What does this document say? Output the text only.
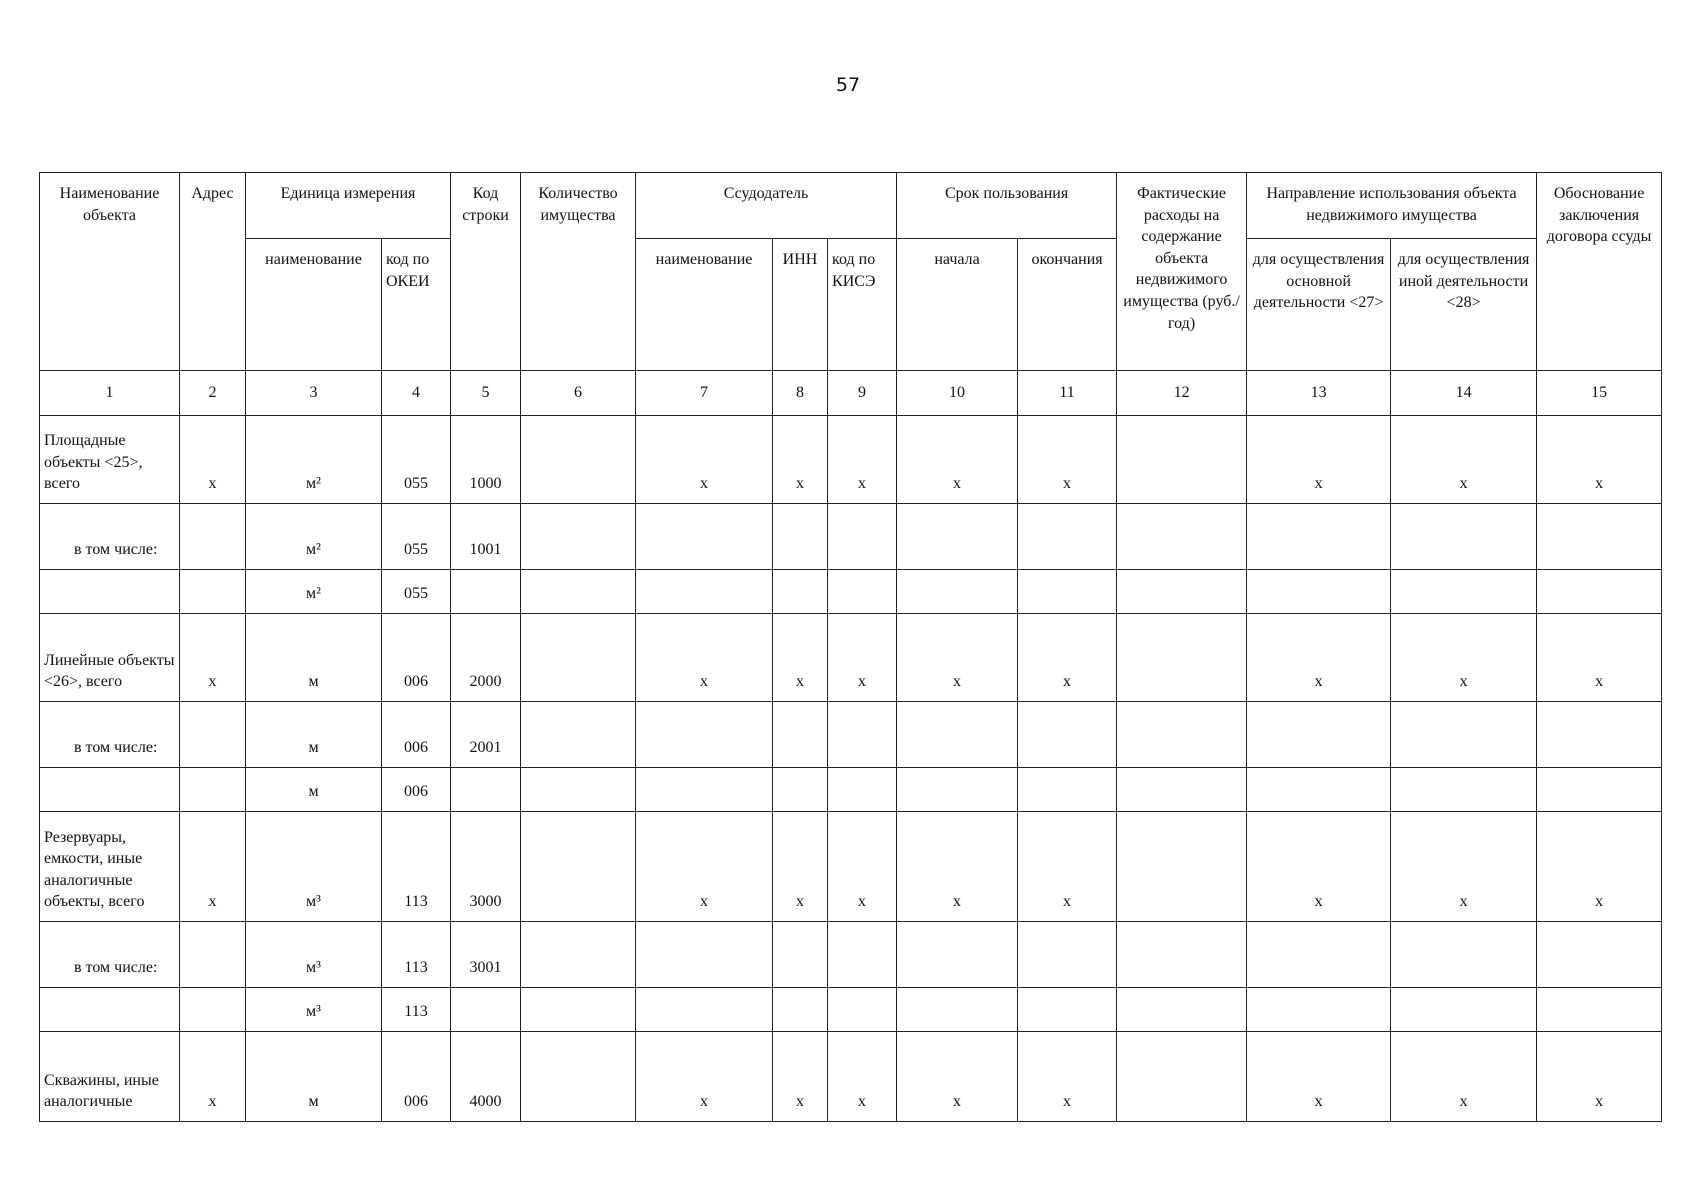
57
Наименование объекта	Адрес	Единица измерения		Код строки	Количество имущества	Ссудодатель			Срок пользования		Фактические расходы на содержание объекта недвижимого имущества (руб./год)	Направление использования объекта недвижимого имущества		Обоснование заключения договора ссуды
		наименование	код по ОКЕИ			наименование	ИНН	код по КИСЭ	начала	окончания		для осуществления основной деятельности <27>	для осуществления иной деятельности <28>	
1	2	3	4	5	6	7	8	9	10	11	12	13	14	15
Площадные объекты <25>, всего	x	м²	055	1000		x	x	x	x	x		x	x	x
в том числе:		м²	055	1001										
		м²	055											
Линейные объекты <26>, всего	x	м	006	2000		x	x	x	x	x		x	x	x
в том числе:		м	006	2001										
		м	006											
Резервуары, емкости, иные аналогичные объекты, всего	x	м³	113	3000		x	x	x	x	x		x	x	x
в том числе:		м³	113	3001										
		м³	113											
Скважины, иные аналогичные	x	м	006	4000		x	x	x	x	x		x	x	x
